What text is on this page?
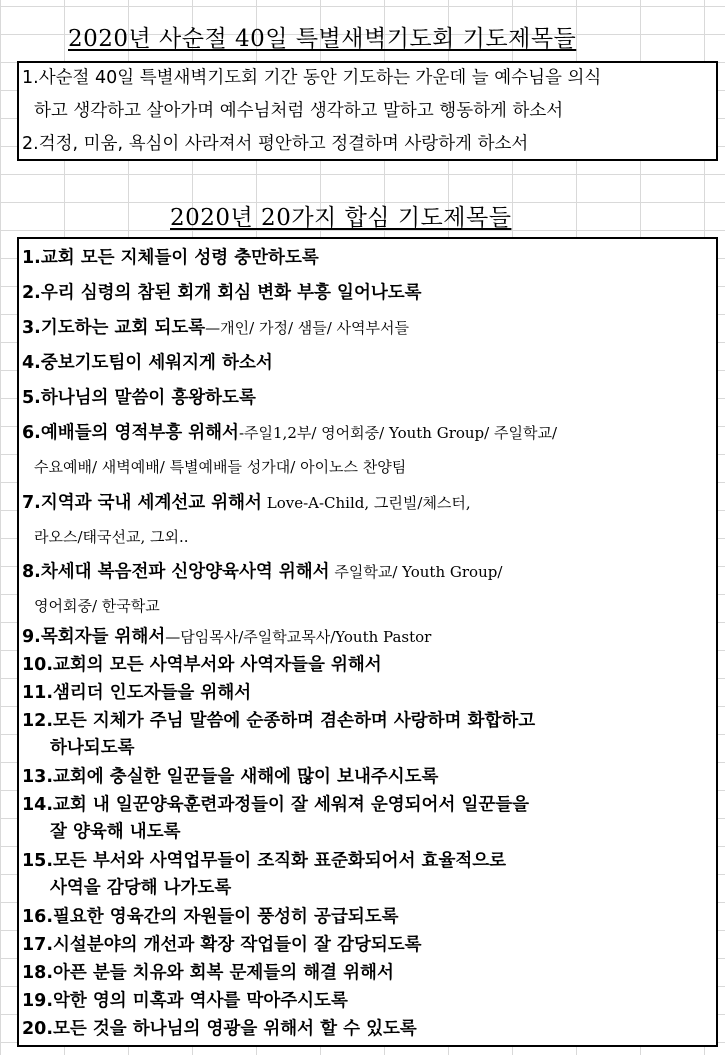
2020년 사순절 40일 특별새벽기도회 기도제목들
1.사순절 40일 특별새벽기도회 기간 동안 기도하는 가운데 늘 예수님을 의식
하고 생각하고 살아가며 예수님처럼 생각하고 말하고 행동하게 하소서
2.걱정, 미움, 욕심이 사라져서 평안하고 정결하며 사랑하게 하소서
2020년 20가지 합심 기도제목들
1.교회 모든 지체들이 성령 충만하도록
2.우리 심령의 참된 회개 회심 변화 부흥 일어나도록
3.기도하는 교회 되도록—개인/ 가정/ 샘들/ 사역부서들
4.중보기도팀이 세워지게 하소서
5.하나님의 말씀이 흥왕하도록
6.예배들의 영적부흥 위해서-주일1,2부/ 영어회중/ Youth Group/ 주일학교/
수요예배/ 새벽예배/ 특별예배들 성가대/ 아이노스 찬양팀
7.지역과 국내 세계선교 위해서 Love-A-Child, 그린빌/체스터,
라오스/태국선교, 그외..
8.차세대 복음전파 신앙양육사역 위해서 주일학교/ Youth Group/
영어회중/ 한국학교
9.목회자들 위해서—담임목사/주일학교목사/Youth Pastor
10.교회의 모든 사역부서와 사역자들을 위해서
11.샘리더 인도자들을 위해서
12.모든 지체가 주님 말씀에 순종하며 겸손하며 사랑하며 화합하고
하나되도록
13.교회에 충실한 일꾼들을 새해에 많이 보내주시도록
14.교회 내 일꾼양육훈련과정들이 잘 세워져 운영되어서 일꾼들을
잘 양육해 내도록
15.모든 부서와 사역업무들이 조직화 표준화되어서 효율적으로
사역을 감당해 나가도록
16.필요한 영육간의 자원들이 풍성히 공급되도록
17.시설분야의 개선과 확장 작업들이 잘 감당되도록
18.아픈 분들 치유와 회복 문제들의 해결 위해서
19.악한 영의 미혹과 역사를 막아주시도록
20.모든 것을 하나님의 영광을 위해서 할 수 있도록
